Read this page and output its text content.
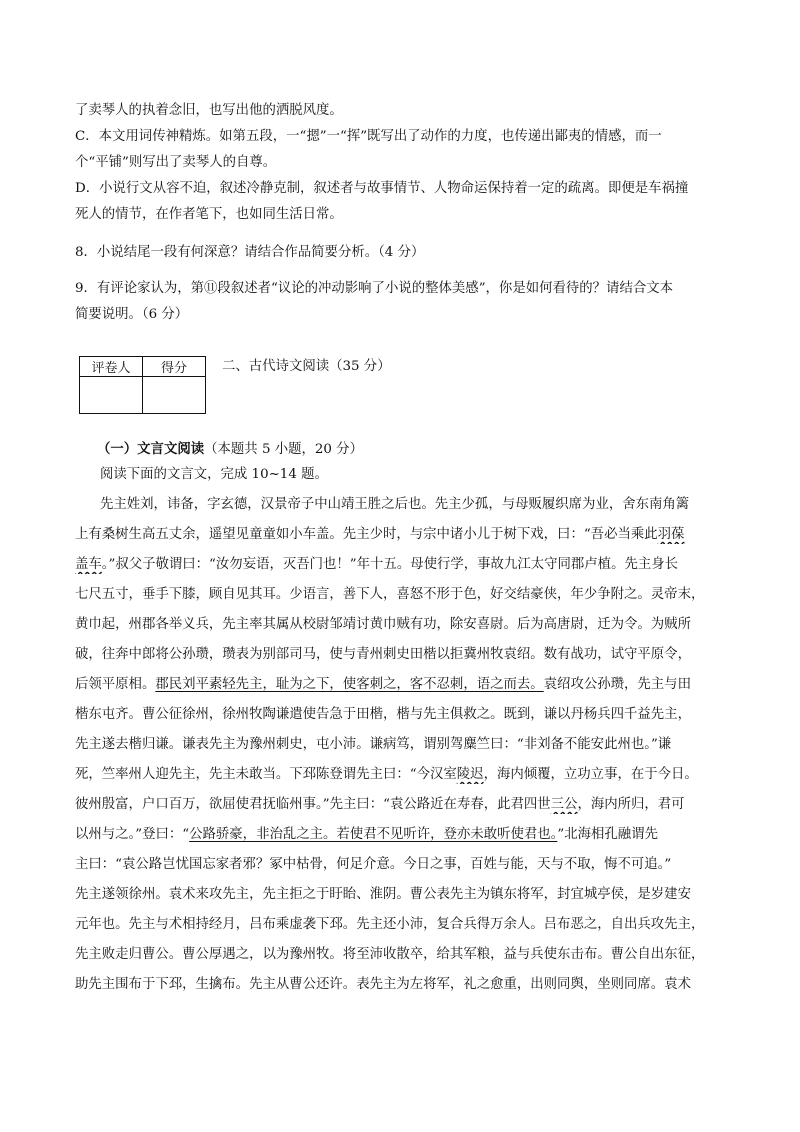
了卖琴人的执着念旧，也写出他的洒脱风度。
C．本文用词传神精炼。如第五段，一“摁”一“挥”既写出了动作的力度，也传递出鄙夷的情感，而一
个“平铺”则写出了卖琴人的自尊。
D．小说行文从容不迫，叙述冷静克制，叙述者与故事情节、人物命运保持着一定的疏离。即便是车祸撞
死人的情节，在作者笔下，也如同生活日常。
8．小说结尾一段有何深意？请结合作品简要分析。（4 分）
9．有评论家认为，第⑪段叙述者“议论的冲动影响了小说的整体美感”，你是如何看待的？请结合文本
简要说明。（6 分）
评卷人	得分
		二、古代诗文阅读（35 分）
（一）文言文阅读（本题共 5 小题，20 分）
阅读下面的文言文，完成 10~14 题。
先主姓刘，讳备，字玄德，汉景帝子中山靖王胜之后也。先主少孤，与母贩履织席为业，舍东南角篱
上有桑树生高五丈余，遥望见童童如小车盖。先主少时，与宗中诸小儿于树下戏，曰：“吾必当乘此羽葆
盖车。”叔父子敬谓曰：“汝勿妄语，灭吾门也！”年十五。母使行学，事故九江太守同郡卢植。先主身长
七尺五寸，垂手下膝，顾自见其耳。少语言，善下人，喜怒不形于色，好交结豪侠，年少争附之。灵帝末，
黄巾起，州郡各举义兵，先主率其属从校尉邹靖讨黄巾贼有功，除安喜尉。后为高唐尉，迁为令。为贼所
破，往奔中郎将公孙瓒，瓒表为别部司马，使与青州刺史田楷以拒冀州牧袁绍。数有战功，试守平原令，
后领平原相。郡民刘平素轻先主，耻为之下，使客刺之，客不忍刺，语之而去。袁绍攻公孙瓒，先主与田
楷东屯齐。曹公征徐州，徐州牧陶谦遣使告急于田楷，楷与先主俱救之。既到，谦以丹杨兵四千益先主，
先主遂去楷归谦。谦表先主为豫州刺史，屯小沛。谦病笃，谓别驾麋竺曰：“非刘备不能安此州也。”谦
死，竺率州人迎先主，先主未敢当。下邳陈登谓先主曰：“今汉室陵迟，海内倾覆，立功立事，在于今日。
彼州殷富，户口百万，欲屈使君抚临州事。”先主曰：“袁公路近在寿春，此君四世三公，海内所归，君可
以州与之。”登曰：“公路骄豪，非治乱之主。若使君不见听许，登亦未敢听使君也。”北海相孔融谓先
主曰：“袁公路岂忧国忘家者邪？冢中枯骨，何足介意。今日之事，百姓与能，天与不取，悔不可追。”
先主遂领徐州。袁术来攻先主，先主拒之于盱眙、淮阴。曹公表先主为镇东将军，封宜城亭侯，是岁建安
元年也。先主与术相持经月，吕布乘虚袭下邳。先主还小沛，复合兵得万余人。吕布恶之，自出兵攻先主，
先主败走归曹公。曹公厚遇之，以为豫州牧。将至沛收散卒，给其军粮，益与兵使东击布。曹公自出东征，
助先主围布于下邳，生擒布。先主从曹公还许。表先主为左将军，礼之愈重，出则同舆，坐则同席。袁术
